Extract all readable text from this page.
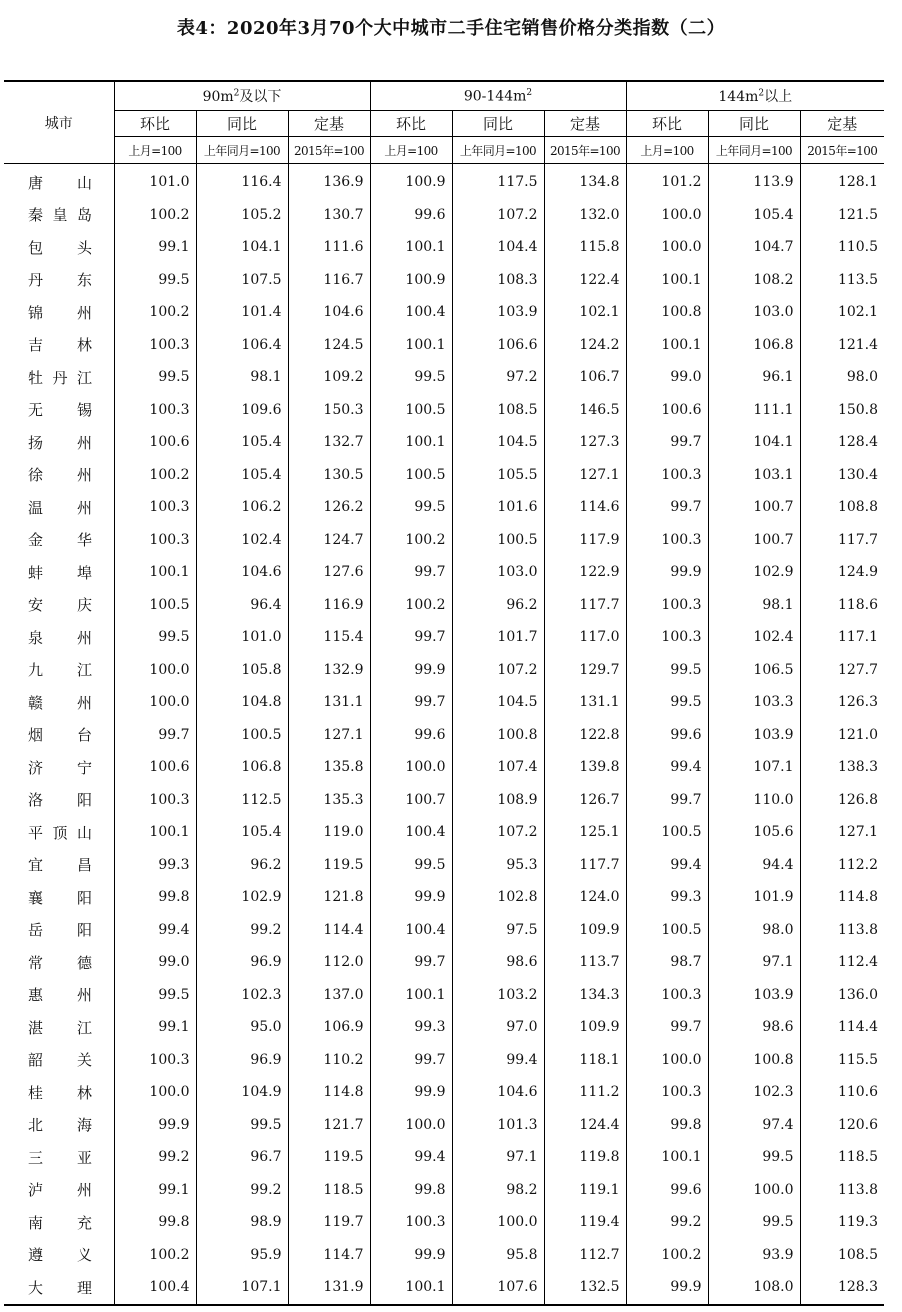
表4：2020年3月70个大中城市二手住宅销售价格分类指数（二）
城市	$90m^2$及以下			$90-144m^2$			$144m^2$以上		
	环比	同比	定基	环比	同比	定基	环比	同比	定基
	上月=100	上年同月=100	2015年=100	上月=100	上年同月=100	2015年=100	上月=100	上年同月=100	2015年=100
唐　山	101.0	116.4	136.9	100.9	117.5	134.8	101.2	113.9	128.1
秦皇岛	100.2	105.2	130.7	99.6	107.2	132.0	100.0	105.4	121.5
包　头	99.1	104.1	111.6	100.1	104.4	115.8	100.0	104.7	110.5
丹　东	99.5	107.5	116.7	100.9	108.3	122.4	100.1	108.2	113.5
锦　州	100.2	101.4	104.6	100.4	103.9	102.1	100.8	103.0	102.1
吉　林	100.3	106.4	124.5	100.1	106.6	124.2	100.1	106.8	121.4
牡丹江	99.5	98.1	109.2	99.5	97.2	106.7	99.0	96.1	98.0
无　锡	100.3	109.6	150.3	100.5	108.5	146.5	100.6	111.1	150.8
扬　州	100.6	105.4	132.7	100.1	104.5	127.3	99.7	104.1	128.4
徐　州	100.2	105.4	130.5	100.5	105.5	127.1	100.3	103.1	130.4
温　州	100.3	106.2	126.2	99.5	101.6	114.6	99.7	100.7	108.8
金　华	100.3	102.4	124.7	100.2	100.5	117.9	100.3	100.7	117.7
蚌　埠	100.1	104.6	127.6	99.7	103.0	122.9	99.9	102.9	124.9
安　庆	100.5	96.4	116.9	100.2	96.2	117.7	100.3	98.1	118.6
泉　州	99.5	101.0	115.4	99.7	101.7	117.0	100.3	102.4	117.1
九　江	100.0	105.8	132.9	99.9	107.2	129.7	99.5	106.5	127.7
赣　州	100.0	104.8	131.1	99.7	104.5	131.1	99.5	103.3	126.3
烟　台	99.7	100.5	127.1	99.6	100.8	122.8	99.6	103.9	121.0
济　宁	100.6	106.8	135.8	100.0	107.4	139.8	99.4	107.1	138.3
洛　阳	100.3	112.5	135.3	100.7	108.9	126.7	99.7	110.0	126.8
平顶山	100.1	105.4	119.0	100.4	107.2	125.1	100.5	105.6	127.1
宜　昌	99.3	96.2	119.5	99.5	95.3	117.7	99.4	94.4	112.2
襄　阳	99.8	102.9	121.8	99.9	102.8	124.0	99.3	101.9	114.8
岳　阳	99.4	99.2	114.4	100.4	97.5	109.9	100.5	98.0	113.8
常　德	99.0	96.9	112.0	99.7	98.6	113.7	98.7	97.1	112.4
惠　州	99.5	102.3	137.0	100.1	103.2	134.3	100.3	103.9	136.0
湛　江	99.1	95.0	106.9	99.3	97.0	109.9	99.7	98.6	114.4
韶　关	100.3	96.9	110.2	99.7	99.4	118.1	100.0	100.8	115.5
桂　林	100.0	104.9	114.8	99.9	104.6	111.2	100.3	102.3	110.6
北　海	99.9	99.5	121.7	100.0	101.3	124.4	99.8	97.4	120.6
三　亚	99.2	96.7	119.5	99.4	97.1	119.8	100.1	99.5	118.5
泸　州	99.1	99.2	118.5	99.8	98.2	119.1	99.6	100.0	113.8
南　充	99.8	98.9	119.7	100.3	100.0	119.4	99.2	99.5	119.3
遵　义	100.2	95.9	114.7	99.9	95.8	112.7	100.2	93.9	108.5
大　理	100.4	107.1	131.9	100.1	107.6	132.5	99.9	108.0	128.3
